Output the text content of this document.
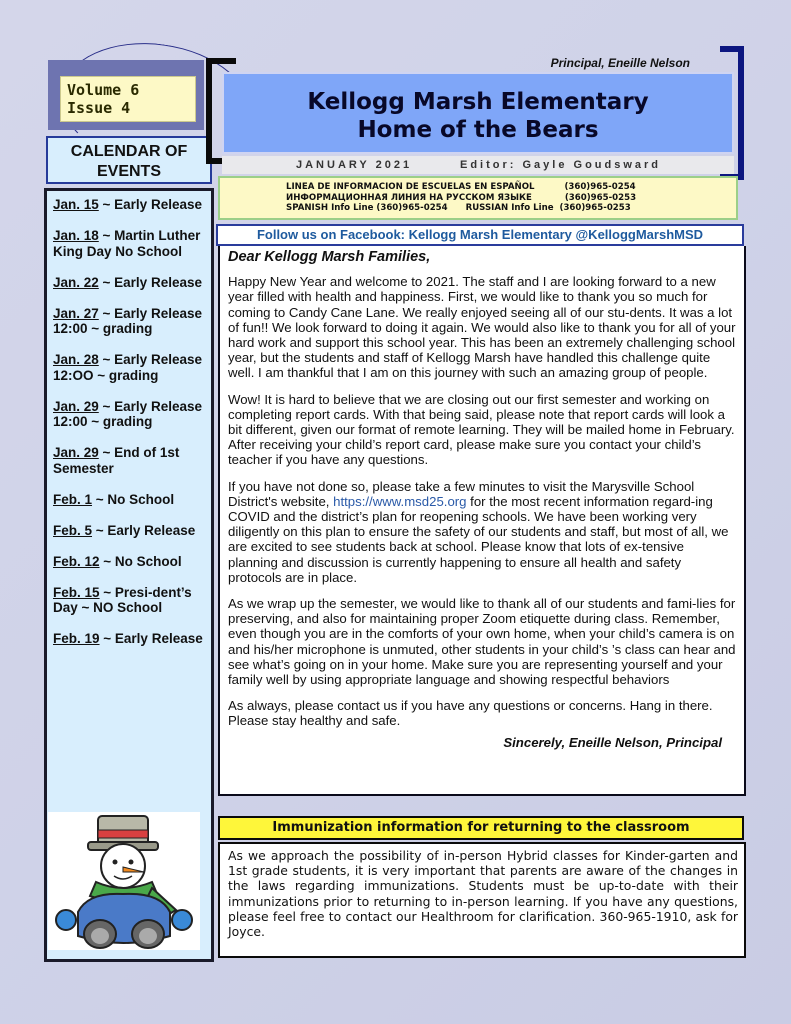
Volume 6
Issue 4
CALENDAR OF
EVENTS
Jan. 15 ~ Early Release
Jan. 18 ~ Martin Luther King Day No School
Jan. 22 ~ Early Release
Jan. 27 ~ Early Release 12:00 ~ grading
Jan. 28 ~ Early Release 12:OO ~ grading
Jan. 29 ~ Early Release 12:00 ~ grading
Jan. 29 ~ End of 1st Semester
Feb. 1 ~ No School
Feb. 5 ~ Early Release
Feb. 12 ~ No School
Feb. 15 ~ Presi-dent’s Day ~ NO School
Feb. 19 ~ Early Release
Principal, Eneille Nelson
Kellogg Marsh Elementary
Home of the Bears
JANUARY 2021	Editor: Gayle Goudsward
LINEA DE INFORMACION DE ESCUELAS EN ESPAÑOL          (360)965-0254
ИНФОРМАЦИОННАЯ ЛИНИЯ НА РУССКОМ ЯЗЫКЕ           (360)965-0253
SPANISH Info Line (360)965-0254      RUSSIAN Info Line  (360)965-0253
Follow us on Facebook: Kellogg Marsh Elementary @KelloggMarshMSD
Dear Kellogg Marsh Families,

Happy New Year and welcome to 2021. The staff and I are looking forward to a new year filled with health and happiness. First, we would like to thank you so much for coming to Candy Cane Lane. We really enjoyed seeing all of our stu-dents. It was a lot of fun!! We look forward to doing it again. We would also like to thank you for all of your hard work and support this school year. This has been an extremely challenging school year, but the students and staff of Kellogg Marsh have handled this challenge quite well. I am thankful that I am on this journey with such an amazing group of people.

Wow! It is hard to believe that we are closing out our first semester and working on completing report cards. With that being said, please note that report cards will look a bit different, given our format of remote learning. They will be mailed home in February. After receiving your child’s report card, please make sure you contact your child’s teacher if you have any questions.

If you have not done so, please take a few minutes to visit the Marysville School District's website, https://www.msd25.org for the most recent information regard-ing COVID and the district’s plan for reopening schools. We have been working very diligently on this plan to ensure the safety of our students and staff, but most of all, we are excited to see students back at school. Please know that lots of ex-tensive planning and discussion is currently happening to ensure all health and safety protocols are in place.

As we wrap up the semester, we would like to thank all of our students and fami-lies for preserving, and also for maintaining proper Zoom etiquette during class. Remember, even though you are in the comforts of your own home, when your child’s camera is on and his/her microphone is unmuted, other students in your child’s ’s class can hear and see what’s going on in your home. Make sure you are representing yourself and your family well by using appropriate language and showing respectful behaviors

As always, please contact us if you have any questions or concerns. Hang in there. Please stay healthy and safe.

Sincerely, Eneille Nelson, Principal
Immunization information for returning to the classroom
As we approach the possibility of in-person Hybrid classes for Kinder-garten and 1st grade students, it is very important that parents are aware of the changes in the laws regarding immunizations. Students must be up-to-date with their immunizations prior to returning to in-person learning. If you have any questions, please feel free to contact our Healthroom for clarification. 360-965-1910, ask for Joyce.
